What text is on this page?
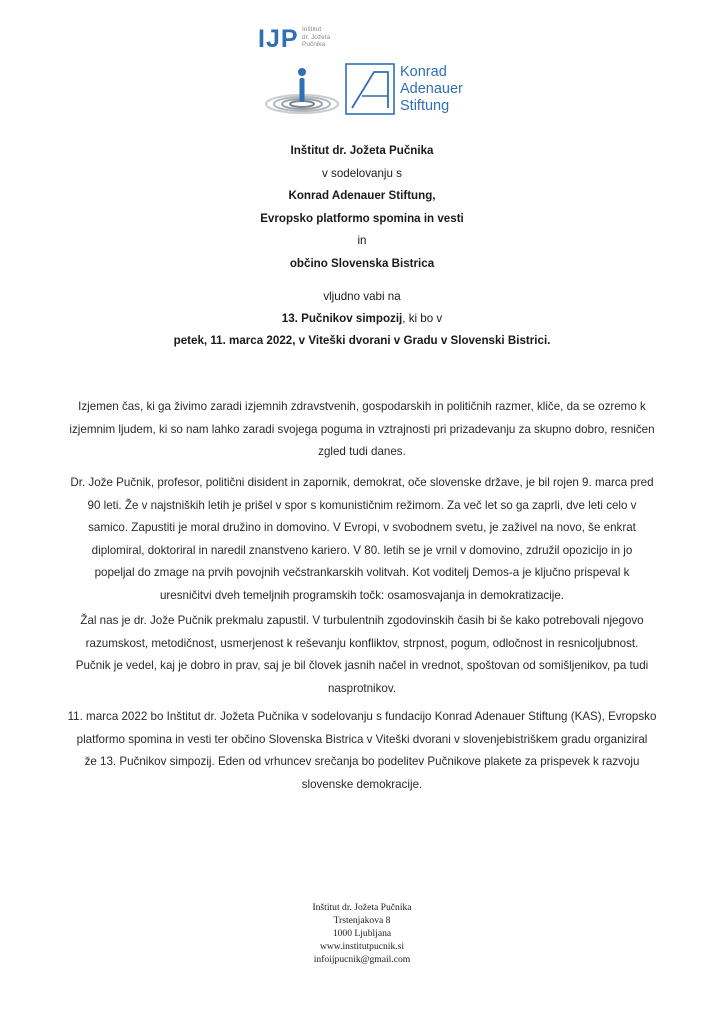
IJP Inštitut
dr. Jožeta
Pučnika
Konrad
Adenauer
Stiftung
Inštitut dr. Jožeta Pučnika
v sodelovanju s
Konrad Adenauer Stiftung,
Evropsko platformo spomina in vesti
in
občino Slovenska Bistrica
vljudno vabi na
13. Pučnikov simpozij, ki bo v
petek, 11. marca 2022, v Viteški dvorani v Gradu v Slovenski Bistrici.
Izjemen čas, ki ga živimo zaradi izjemnih zdravstvenih, gospodarskih in političnih razmer, kliče, da se ozremo k
izjemnim ljudem, ki so nam lahko zaradi svojega poguma in vztrajnosti pri prizadevanju za skupno dobro, resničen
zgled tudi danes.
Dr. Jože Pučnik, profesor, politični disident in zapornik, demokrat, oče slovenske države, je bil rojen 9. marca pred
90 leti. Že v najstniških letih je prišel v spor s komunističnim režimom. Za več let so ga zaprli, dve leti celo v
samico. Zapustiti je moral družino in domovino. V Evropi, v svobodnem svetu, je zaživel na novo, še enkrat
diplomiral, doktoriral in naredil znanstveno kariero. V 80. letih se je vrnil v domovino, združil opozicijo in jo
popeljal do zmage na prvih povojnih večstrankarskih volitvah. Kot voditelj Demos-a je ključno prispeval k
uresničitvi dveh temeljnih programskih točk: osamosvajanja in demokratizacije.
Žal nas je dr. Jože Pučnik prekmalu zapustil. V turbulentnih zgodovinskih časih bi še kako potrebovali njegovo
razumskost, metodičnost, usmerjenost k reševanju konfliktov, strpnost, pogum, odločnost in resnicoljubnost.
Pučnik je vedel, kaj je dobro in prav, saj je bil človek jasnih načel in vrednot, spoštovan od somišljenikov, pa tudi
nasprotnikov.
11. marca 2022 bo Inštitut dr. Jožeta Pučnika v sodelovanju s fundacijo Konrad Adenauer Stiftung (KAS), Evropsko
platformo spomina in vesti ter občino Slovenska Bistrica v Viteški dvorani v slovenjebistriškem gradu organiziral
že 13. Pučnikov simpozij. Eden od vrhuncev srečanja bo podelitev Pučnikove plakete za prispevek k razvoju
slovenske demokracije.
Inštitut dr. Jožeta Pučnika
Trstenjakova 8
1000 Ljubljana
www.institutpucnik.si
infoijpucnik@gmail.com
